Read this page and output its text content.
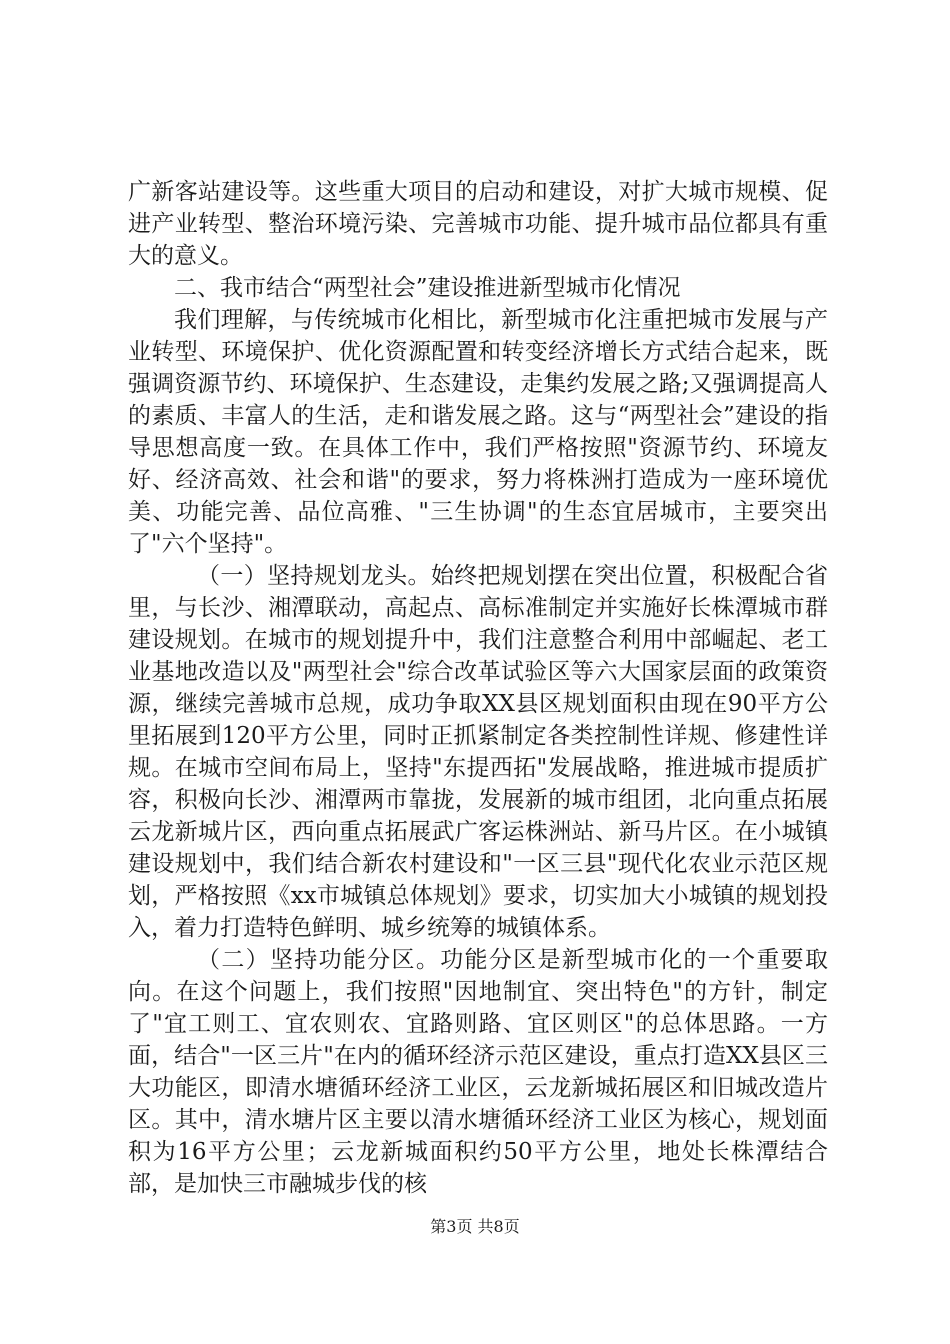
广新客站建设等。这些重大项目的启动和建设，对扩大城市规模、促进产业转型、整治环境污染、完善城市功能、提升城市品位都具有重大的意义。

二、我市结合“两型社会”建设推进新型城市化情况

我们理解，与传统城市化相比，新型城市化注重把城市发展与产业转型、环境保护、优化资源配置和转变经济增长方式结合起来，既强调资源节约、环境保护、生态建设，走集约发展之路;又强调提高人的素质、丰富人的生活，走和谐发展之路。这与“两型社会”建设的指导思想高度一致。在具体工作中，我们严格按照"资源节约、环境友好、经济高效、社会和谐"的要求，努力将株洲打造成为一座环境优美、功能完善、品位高雅、"三生协调"的生态宜居城市，主要突出了"六个坚持"。

（一）坚持规划龙头。始终把规划摆在突出位置，积极配合省里，与长沙、湘潭联动，高起点、高标准制定并实施好长株潭城市群建设规划。在城市的规划提升中，我们注意整合利用中部崛起、老工业基地改造以及"两型社会"综合改革试验区等六大国家层面的政策资源，继续完善城市总规，成功争取XX县区规划面积由现在90平方公里拓展到120平方公里，同时正抓紧制定各类控制性详规、修建性详规。在城市空间布局上，坚持"东提西拓"发展战略，推进城市提质扩容，积极向长沙、湘潭两市靠拢，发展新的城市组团，北向重点拓展云龙新城片区，西向重点拓展武广客运株洲站、新马片区。在小城镇建设规划中，我们结合新农村建设和"一区三县"现代化农业示范区规划，严格按照《xx市城镇总体规划》要求，切实加大小城镇的规划投入，着力打造特色鲜明、城乡统筹的城镇体系。

（二）坚持功能分区。功能分区是新型城市化的一个重要取向。在这个问题上，我们按照"因地制宜、突出特色"的方针，制定了"宜工则工、宜农则农、宜路则路、宜区则区"的总体思路。一方面，结合"一区三片"在内的循环经济示范区建设，重点打造XX县区三大功能区，即清水塘循环经济工业区，云龙新城拓展区和旧城改造片区。其中，清水塘片区主要以清水塘循环经济工业区为核心，规划面积为16平方公里；云龙新城面积约50平方公里，地处长株潭结合部，是加快三市融城步伐的核

第3页 共8页
